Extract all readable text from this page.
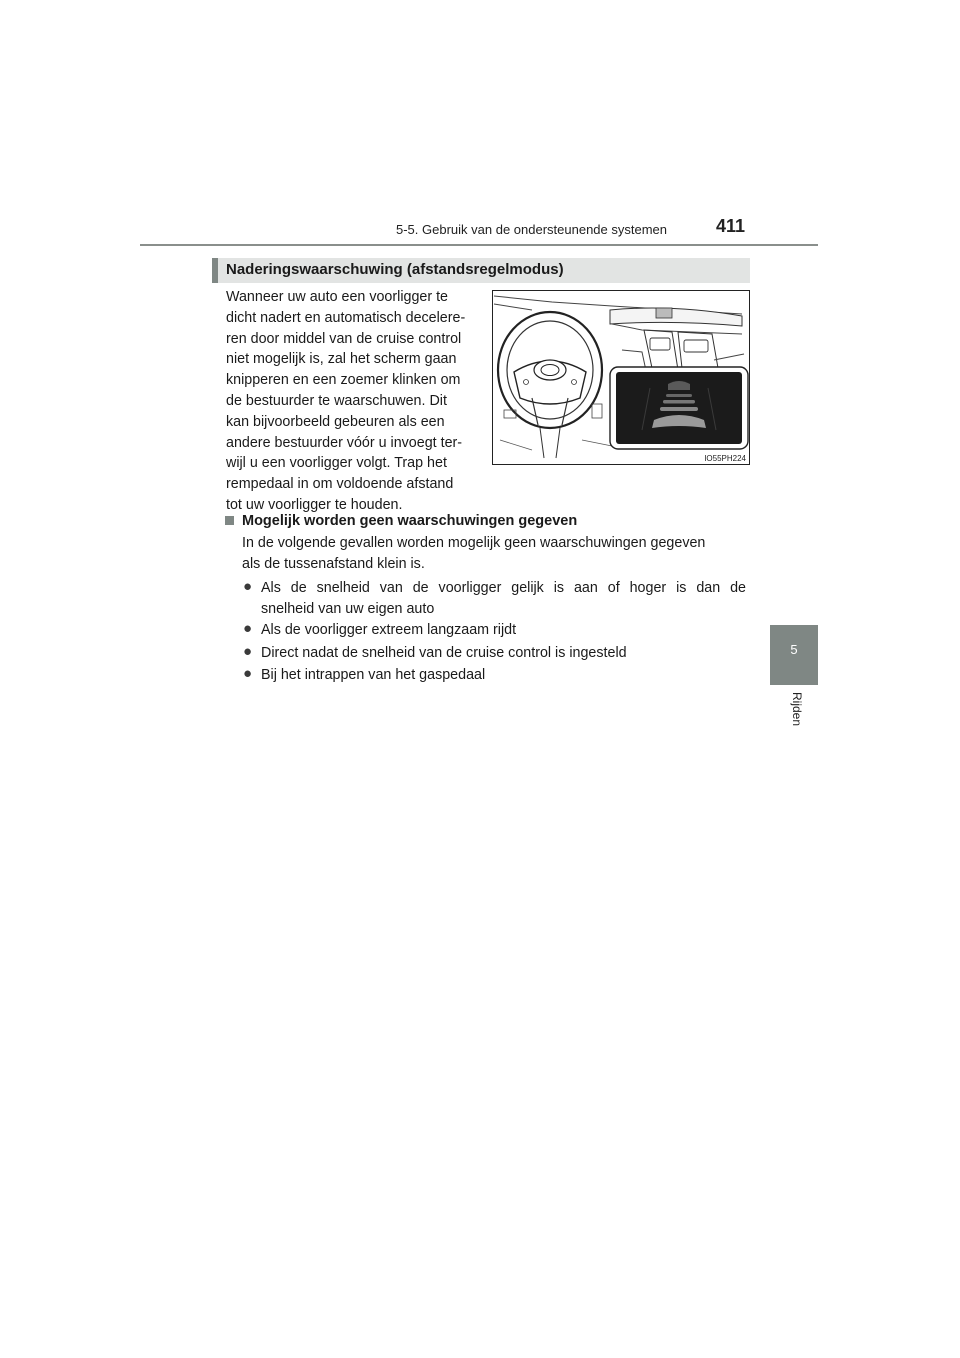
5-5. Gebruik van de ondersteunende systemen	411
5
Rijden
Naderingswaarschuwing (afstandsregelmodus)
Wanneer uw auto een voorligger te
dicht nadert en automatisch decelere-
ren door middel van de cruise control
niet mogelijk is, zal het scherm gaan
knipperen en een zoemer klinken om
de bestuurder te waarschuwen. Dit
kan bijvoorbeeld gebeuren als een
andere bestuurder vóór u invoegt ter-
wijl u een voorligger volgt. Trap het
rempedaal in om voldoende afstand
tot uw voorligger te houden.
IO55PH224
Mogelijk worden geen waarschuwingen gegeven
In de volgende gevallen worden mogelijk geen waarschuwingen gegeven
als de tussenafstand klein is.
● Als de snelheid van de voorligger gelijk is aan of hoger is dan de
snelheid van uw eigen auto
● Als de voorligger extreem langzaam rijdt
● Direct nadat de snelheid van de cruise control is ingesteld
● Bij het intrappen van het gaspedaal
